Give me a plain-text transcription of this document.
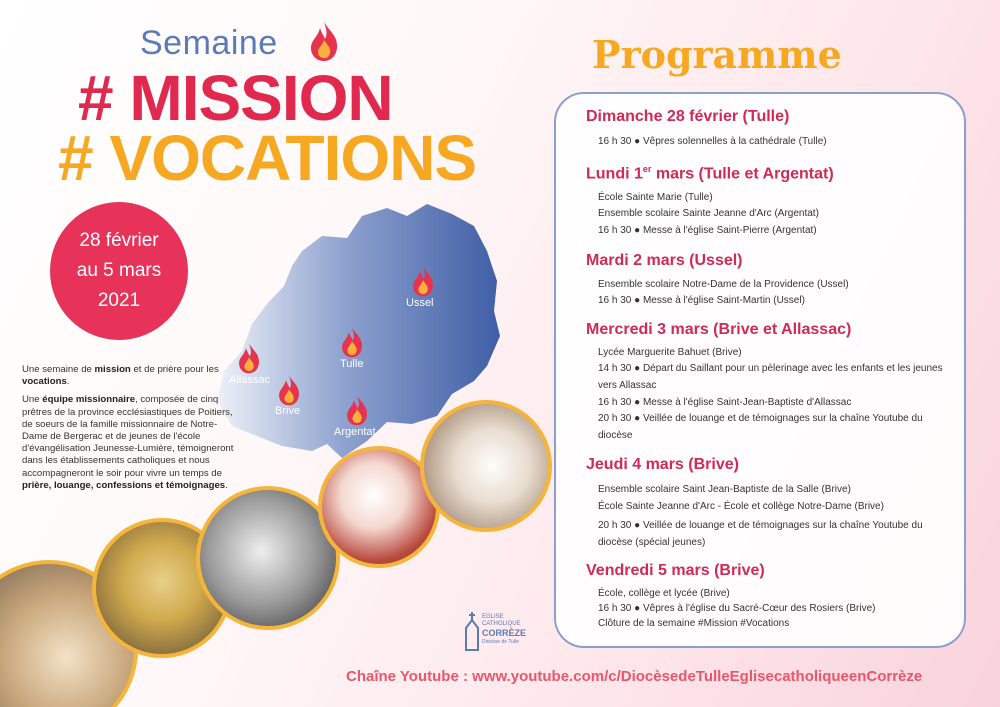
Semaine
# MISSION
# VOCATIONS
28 février
au 5 mars
2021	Ussel
Tulle
Allassac
Brive
Argentat

Une semaine de mission et de prière pour les vocations.

Une équipe missionnaire, composée de cinq prêtres de la province ecclésiastiques de Poitiers, de soeurs de la famille missionnaire de Notre-Dame de Bergerac et de jeunes de l'école d'évangélisation Jeunesse-Lumière, témoigneront dans les établissements catholiques et nous accompagneront le soir pour vivre un temps de prière, louange, confessions et témoignages.

Programme
Dimanche 28 février (Tulle)
16 h 30 ● Vêpres solennelles à la cathédrale (Tulle)
Lundi 1er mars (Tulle et Argentat)
École Sainte Marie (Tulle)
Ensemble scolaire Sainte Jeanne d'Arc (Argentat)
16 h 30 ● Messe à l'église Saint-Pierre (Argentat)
Mardi 2 mars (Ussel)
Ensemble scolaire Notre-Dame de la Providence (Ussel)
16 h 30 ● Messe à l'église Saint-Martin (Ussel)
Mercredi 3 mars (Brive et Allassac)
Lycée Marguerite Bahuet (Brive)
14 h 30 ● Départ du Saillant pour un pèlerinage avec les enfants et les jeunes vers Allassac
16 h 30 ● Messe à l'église Saint-Jean-Baptiste d'Allassac
20 h 30 ● Veillée de louange et de témoignages sur la chaîne Youtube du diocèse
Jeudi 4 mars (Brive)
Ensemble scolaire Saint Jean-Baptiste de la Salle (Brive)
École Sainte Jeanne d'Arc - École et collège Notre-Dame (Brive)
20 h 30 ● Veillée de louange et de témoignages sur la chaîne Youtube du diocèse (spécial jeunes)
Vendredi 5 mars (Brive)
École, collège et lycée (Brive)
16 h 30 ● Vêpres à l'église du Sacré-Cœur des Rosiers (Brive)
Clôture de la semaine #Mission #Vocations
EGLISE
CATHOLIQUE
CORRÈZE
Diocèse de Tulle
Chaîne Youtube : www.youtube.com/c/DiocèsedeTulleEglisecatholiqueenCorrèze
